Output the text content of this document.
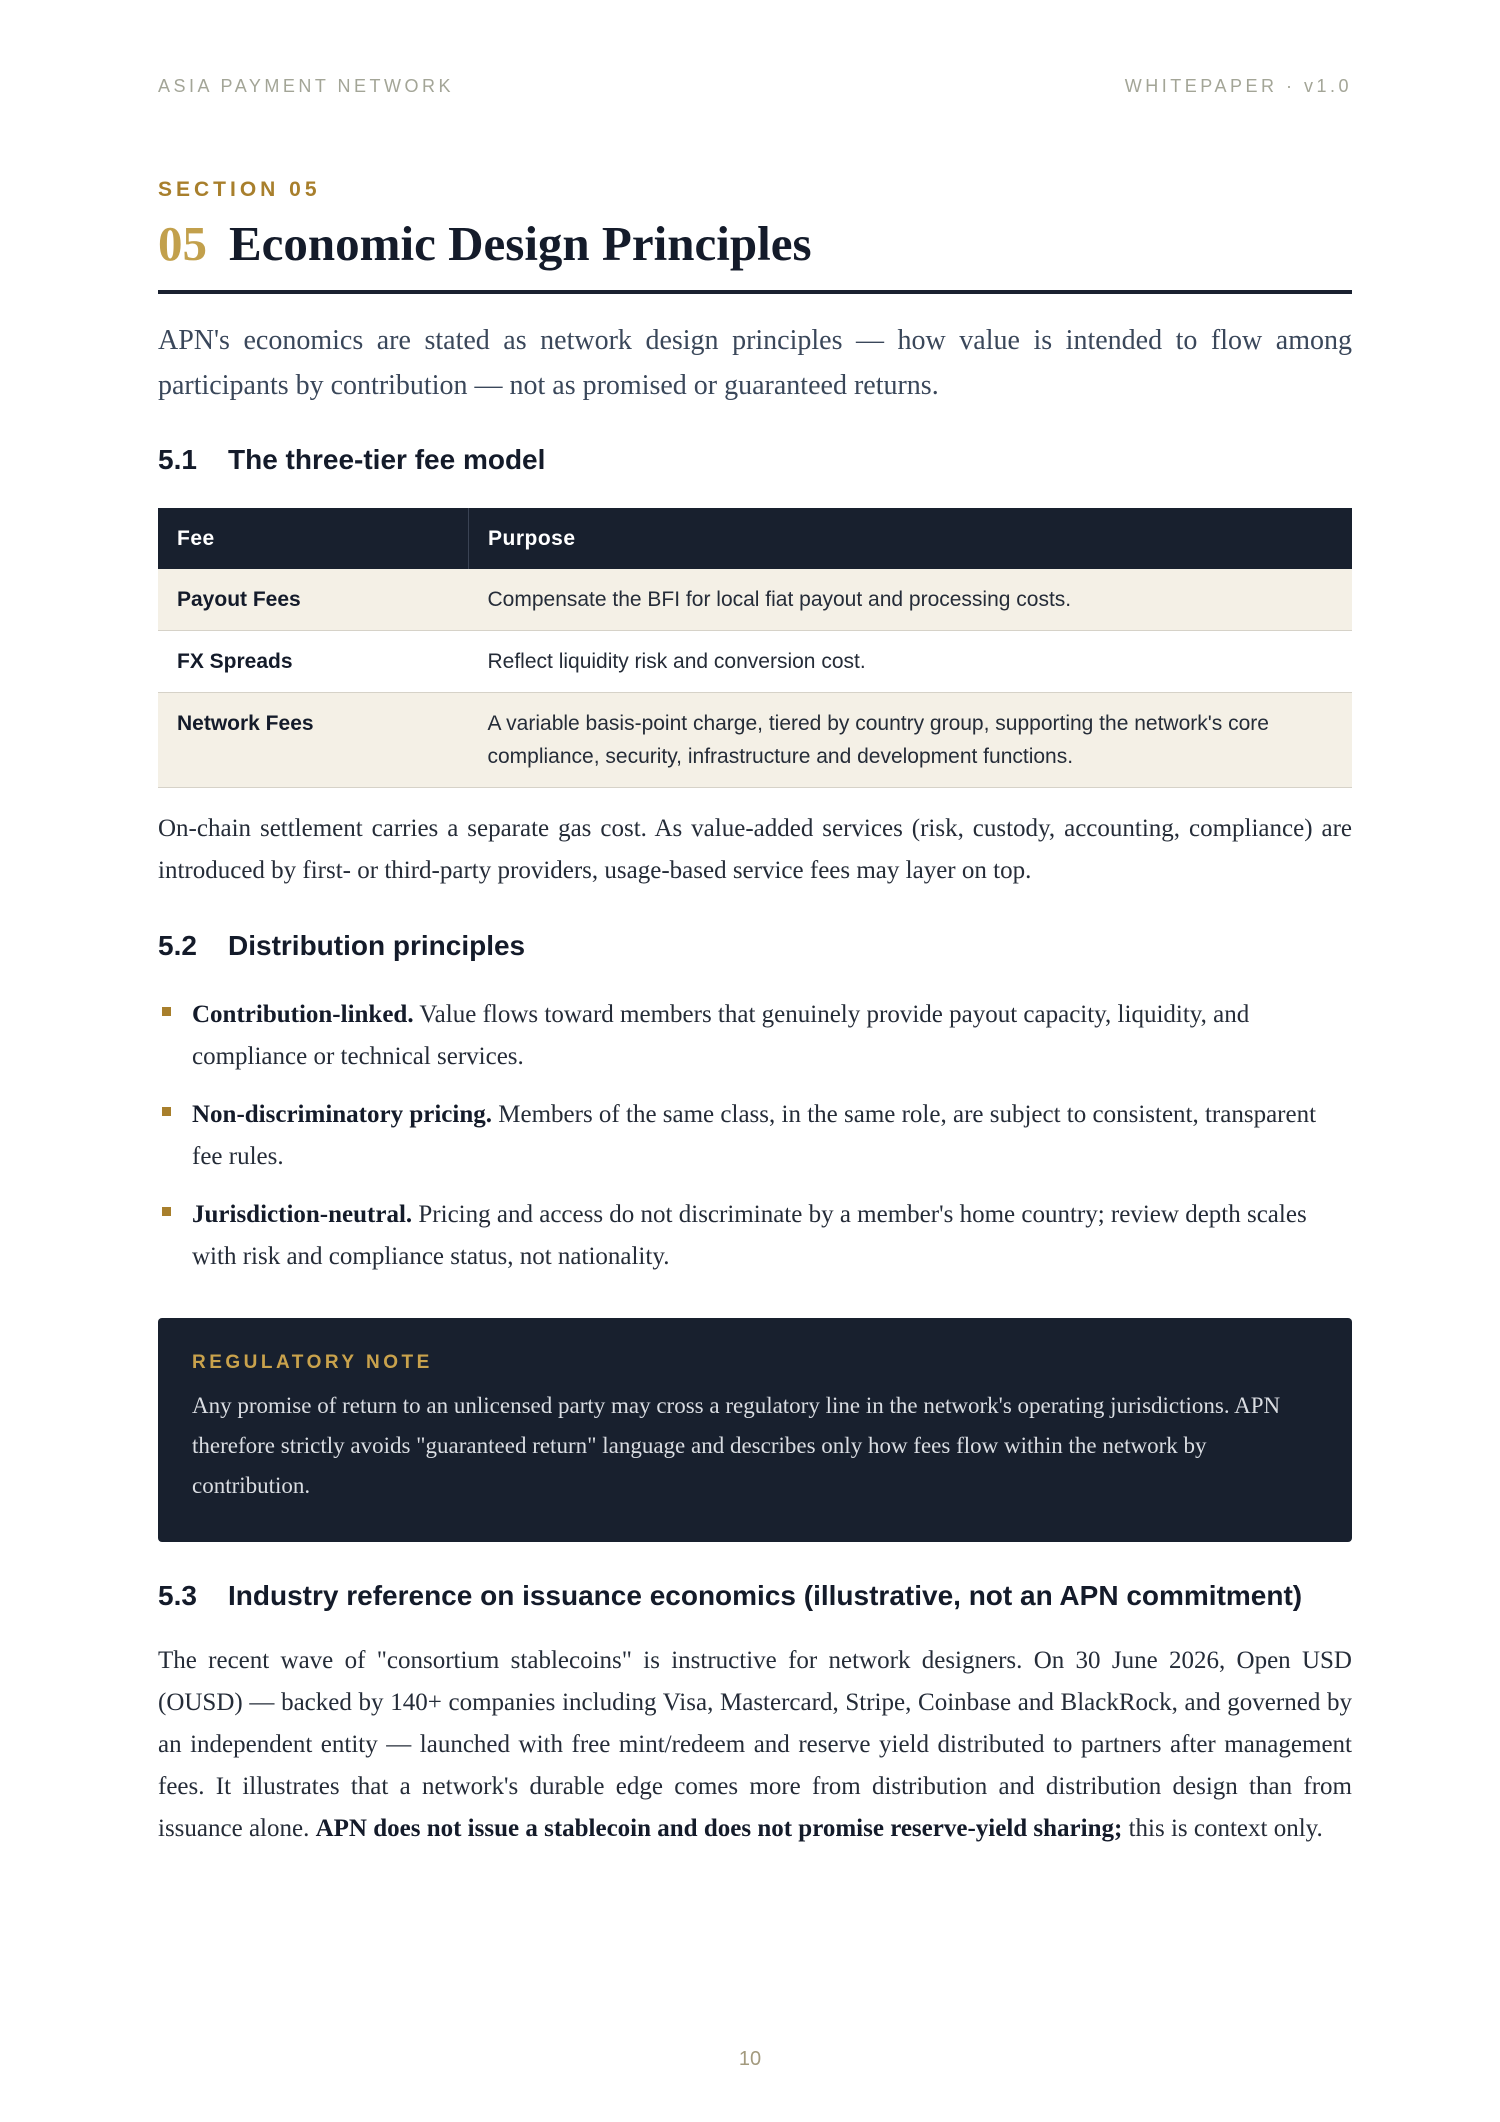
ASIA PAYMENT NETWORK	WHITEPAPER · v1.0
SECTION 05
05 Economic Design Principles

APN's economics are stated as network design principles — how value is intended to flow among participants by contribution — not as promised or guaranteed returns.

5.1	The three-tier fee model
Fee	Purpose
Payout Fees	Compensate the BFI for local fiat payout and processing costs.
FX Spreads	Reflect liquidity risk and conversion cost.
Network Fees	A variable basis-point charge, tiered by country group, supporting the network's core compliance, security, infrastructure and development functions.

On-chain settlement carries a separate gas cost. As value-added services (risk, custody, accounting, compliance) are introduced by first- or third-party providers, usage-based service fees may layer on top.

5.2	Distribution principles
Contribution-linked. Value flows toward members that genuinely provide payout capacity, liquidity, and compliance or technical services.
Non-discriminatory pricing. Members of the same class, in the same role, are subject to consistent, transparent fee rules.
Jurisdiction-neutral. Pricing and access do not discriminate by a member's home country; review depth scales with risk and compliance status, not nationality.
REGULATORY NOTE
Any promise of return to an unlicensed party may cross a regulatory line in the network's operating jurisdictions. APN therefore strictly avoids "guaranteed return" language and describes only how fees flow within the network by contribution.
5.3	Industry reference on issuance economics (illustrative, not an APN commitment)

The recent wave of "consortium stablecoins" is instructive for network designers. On 30 June 2026, Open USD (OUSD) — backed by 140+ companies including Visa, Mastercard, Stripe, Coinbase and BlackRock, and governed by an independent entity — launched with free mint/redeem and reserve yield distributed to partners after management fees. It illustrates that a network's durable edge comes more from distribution and distribution design than from issuance alone. APN does not issue a stablecoin and does not promise reserve-yield sharing; this is context only.

10
